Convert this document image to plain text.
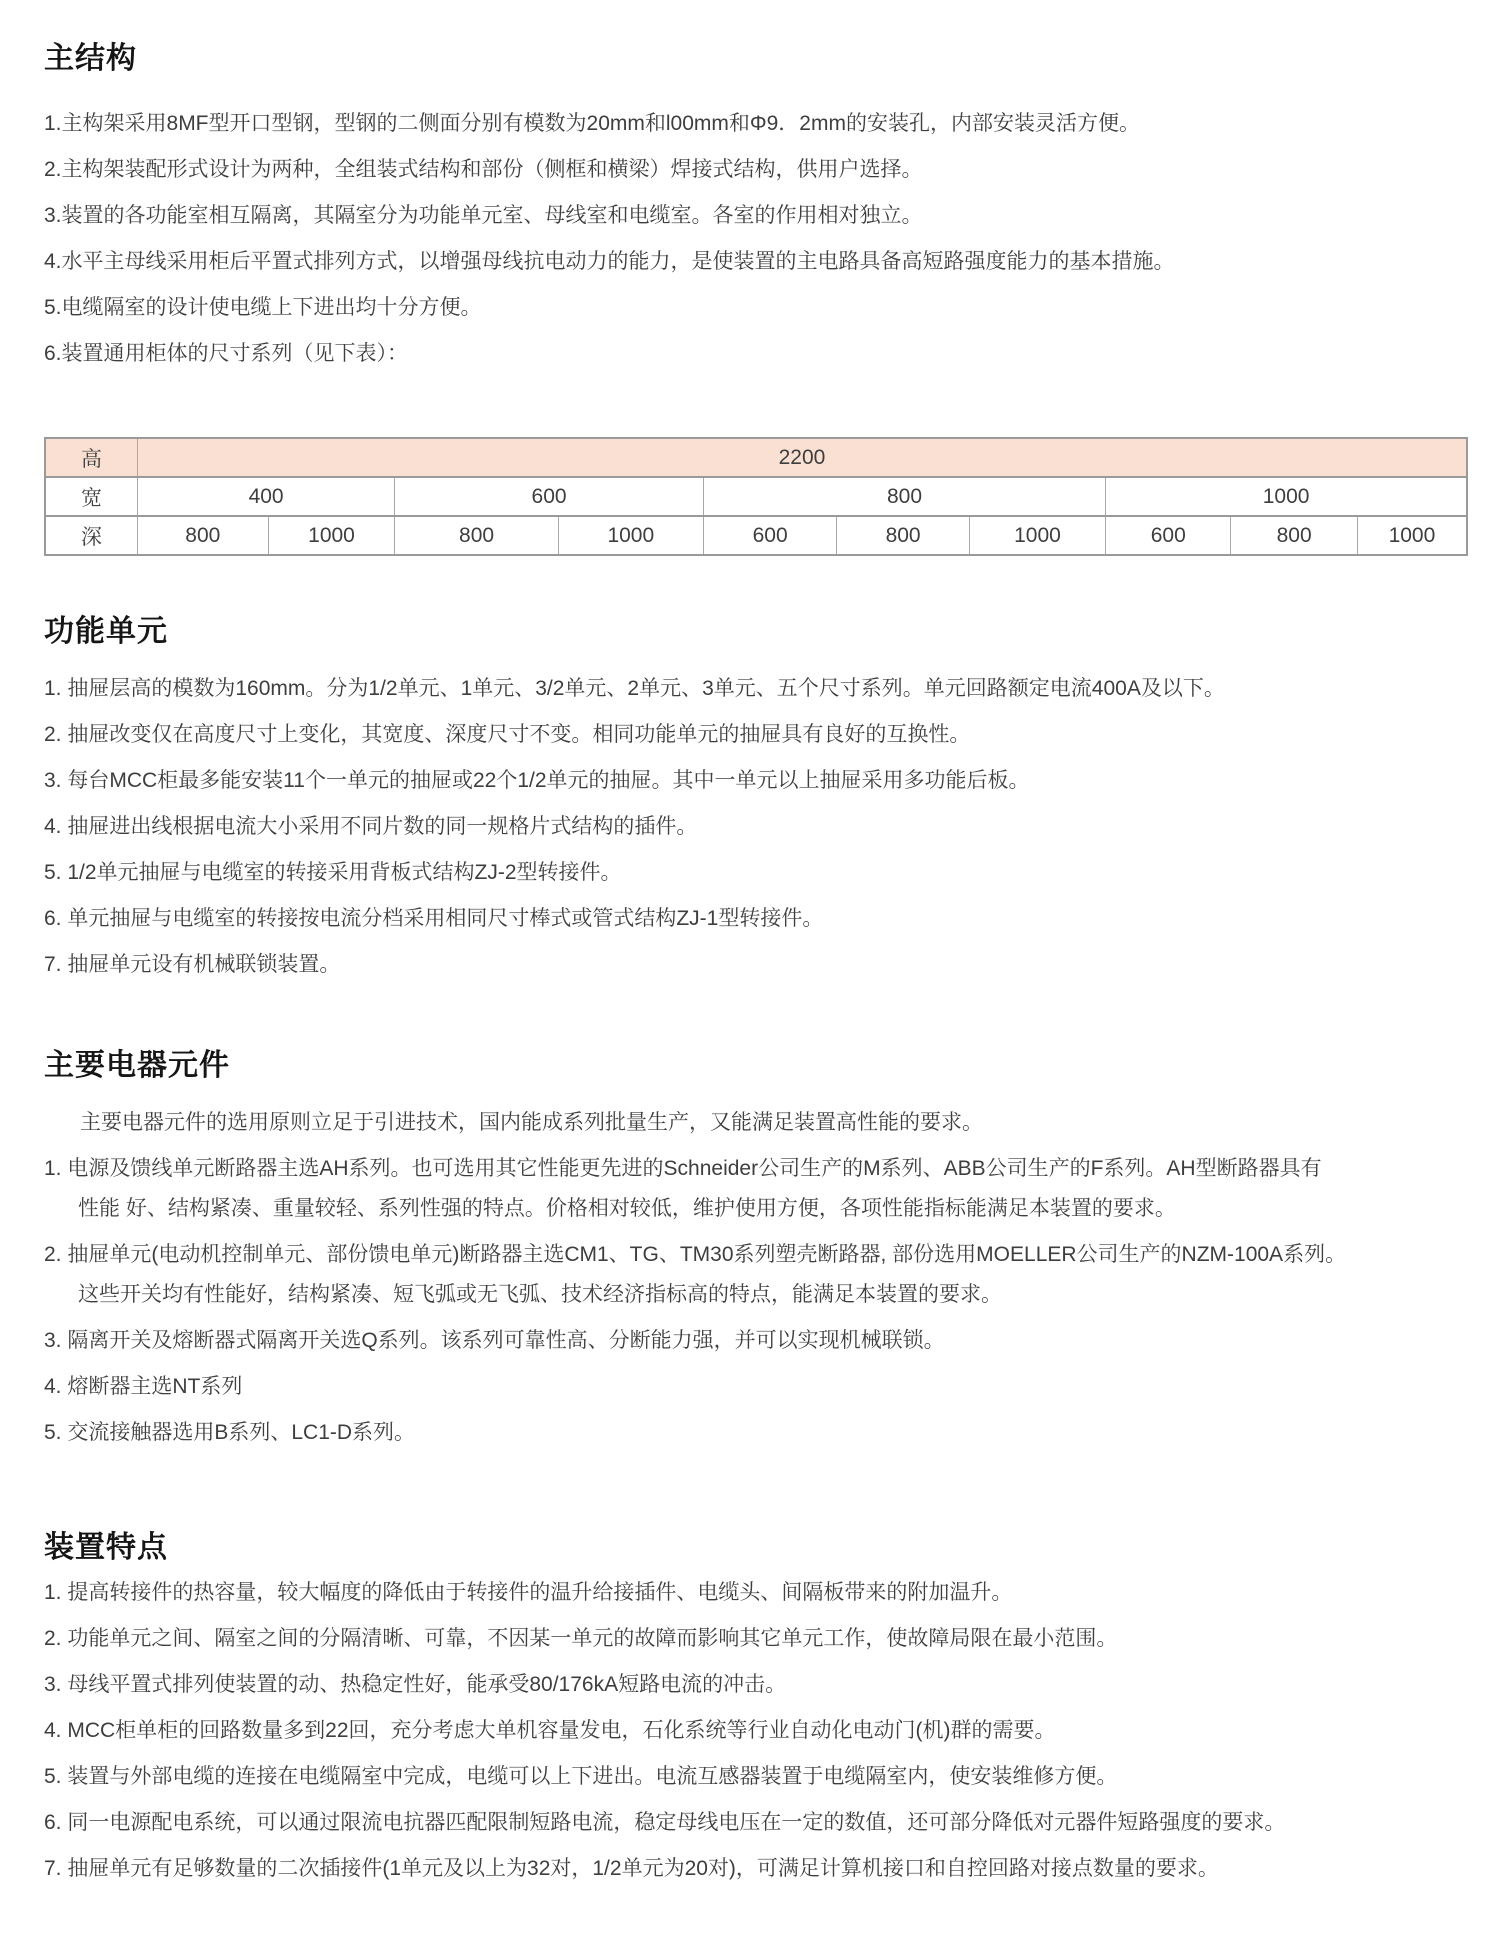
主结构
1.主构架采用8MF型开口型钢，型钢的二侧面分别有模数为20mm和l00mm和Φ9．2mm的安装孔，内部安装灵活方便。
2.主构架装配形式设计为两种，全组装式结构和部份（侧框和横梁）焊接式结构，供用户选择。
3.装置的各功能室相互隔离，其隔室分为功能单元室、母线室和电缆室。各室的作用相对独立。
4.水平主母线采用柜后平置式排列方式，以增强母线抗电动力的能力，是使装置的主电路具备高短路强度能力的基本措施。
5.电缆隔室的设计使电缆上下进出均十分方便。
6.装置通用柜体的尺寸系列（见下表）：
高	2200									
宽	400		600		800			1000		
深	800	1000	800	1000	600	800	1000	600	800	1000
功能单元
1. 抽屉层高的模数为160mm。分为1/2单元、1单元、3/2单元、2单元、3单元、五个尺寸系列。单元回路额定电流400A及以下。
2. 抽屉改变仅在高度尺寸上变化，其宽度、深度尺寸不变。相同功能单元的抽屉具有良好的互换性。
3. 每台MCC柜最多能安装11个一单元的抽屉或22个1/2单元的抽屉。其中一单元以上抽屉采用多功能后板。
4. 抽屉进出线根据电流大小采用不同片数的同一规格片式结构的插件。
5. 1/2单元抽屉与电缆室的转接采用背板式结构ZJ-2型转接件。
6. 单元抽屉与电缆室的转接按电流分档采用相同尺寸棒式或管式结构ZJ-1型转接件。
7. 抽屉单元设有机械联锁装置。
主要电器元件
主要电器元件的选用原则立足于引进技术，国内能成系列批量生产，又能满足装置高性能的要求。
1. 电源及馈线单元断路器主选AH系列。也可选用其它性能更先进的Schneider公司生产的M系列、ABB公司生产的F系列。AH型断路器具有
性能 好、结构紧凑、重量较轻、系列性强的特点。价格相对较低，维护使用方便，各项性能指标能满足本装置的要求。
2. 抽屉单元(电动机控制单元、部份馈电单元)断路器主选CM1、TG、TM30系列塑壳断路器, 部份选用MOELLER公司生产的NZM-100A系列。
这些开关均有性能好，结构紧凑、短飞弧或无飞弧、技术经济指标高的特点，能满足本装置的要求。
3. 隔离开关及熔断器式隔离开关选Q系列。该系列可靠性高、分断能力强，并可以实现机械联锁。
4. 熔断器主选NT系列
5. 交流接触器选用B系列、LC1-D系列。
装置特点
1. 提高转接件的热容量，较大幅度的降低由于转接件的温升给接插件、电缆头、间隔板带来的附加温升。
2. 功能单元之间、隔室之间的分隔清晰、可靠，不因某一单元的故障而影响其它单元工作，使故障局限在最小范围。
3. 母线平置式排列使装置的动、热稳定性好，能承受80/176kA短路电流的冲击。
4. MCC柜单柜的回路数量多到22回，充分考虑大单机容量发电，石化系统等行业自动化电动门(机)群的需要。
5. 装置与外部电缆的连接在电缆隔室中完成，电缆可以上下进出。电流互感器装置于电缆隔室内，使安装维修方便。
6. 同一电源配电系统，可以通过限流电抗器匹配限制短路电流，稳定母线电压在一定的数值，还可部分降低对元器件短路强度的要求。
7. 抽屉单元有足够数量的二次插接件(1单元及以上为32对，1/2单元为20对)，可满足计算机接口和自控回路对接点数量的要求。
